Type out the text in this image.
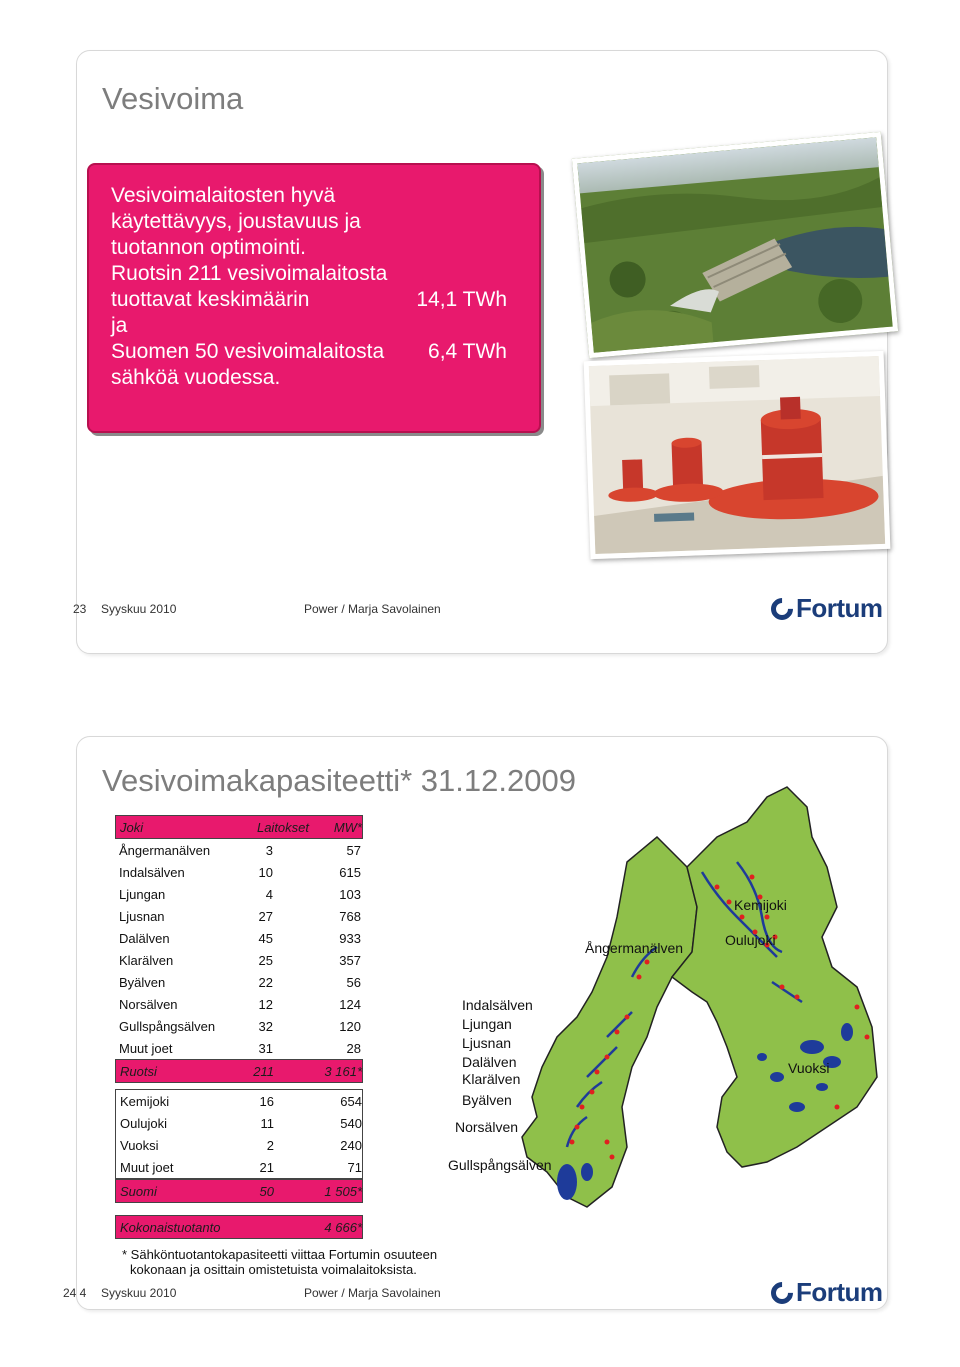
Vesivoima

Vesivoimalaitosten hyvä

käytettävyys, joustavuus ja

tuotannon optimointi.

Ruotsin 211 vesivoimalaitosta

tuottavat keskimäärin	14,1 TWh

ja

Suomen 50 vesivoimalaitosta 6,4 TWh

sähköä vuodessa.

23 Syyskuu 2010	Power / Marja Savolainen	Fortum
Vesivoimakapasiteetti* 31.12.2009
Joki	Laitokset	MW*
Ångermanälven	3	57
Indalsälven	10	615
Ljungan	4	103
Ljusnan	27	768
Dalälven	45	933
Klarälven	25	357
Byälven	22	56
Norsälven	12	124
Gullspångsälven	32	120
Muut joet	31	28
Ruotsi	211	3 161*
Kemijoki	16	654
Oulujoki	11	540
Vuoksi	2	240
Muut joet	21	71
Suomi	50	1 505*
Kokonaistuotanto	4 666*
Kemijoki
Oulujoki
Ångermanälven
Vuoksi
Indalsälven
Ljungan
Ljusnan
Dalälven
Klarälven
Byälven
Norsälven
Gullspångsälven
* Sähköntuotantokapasiteetti viittaa Fortumin osuuteen
kokonaan ja osittain omistetuista voimalaitoksista.
24 4 Syyskuu 2010	Power / Marja Savolainen	Fortum
